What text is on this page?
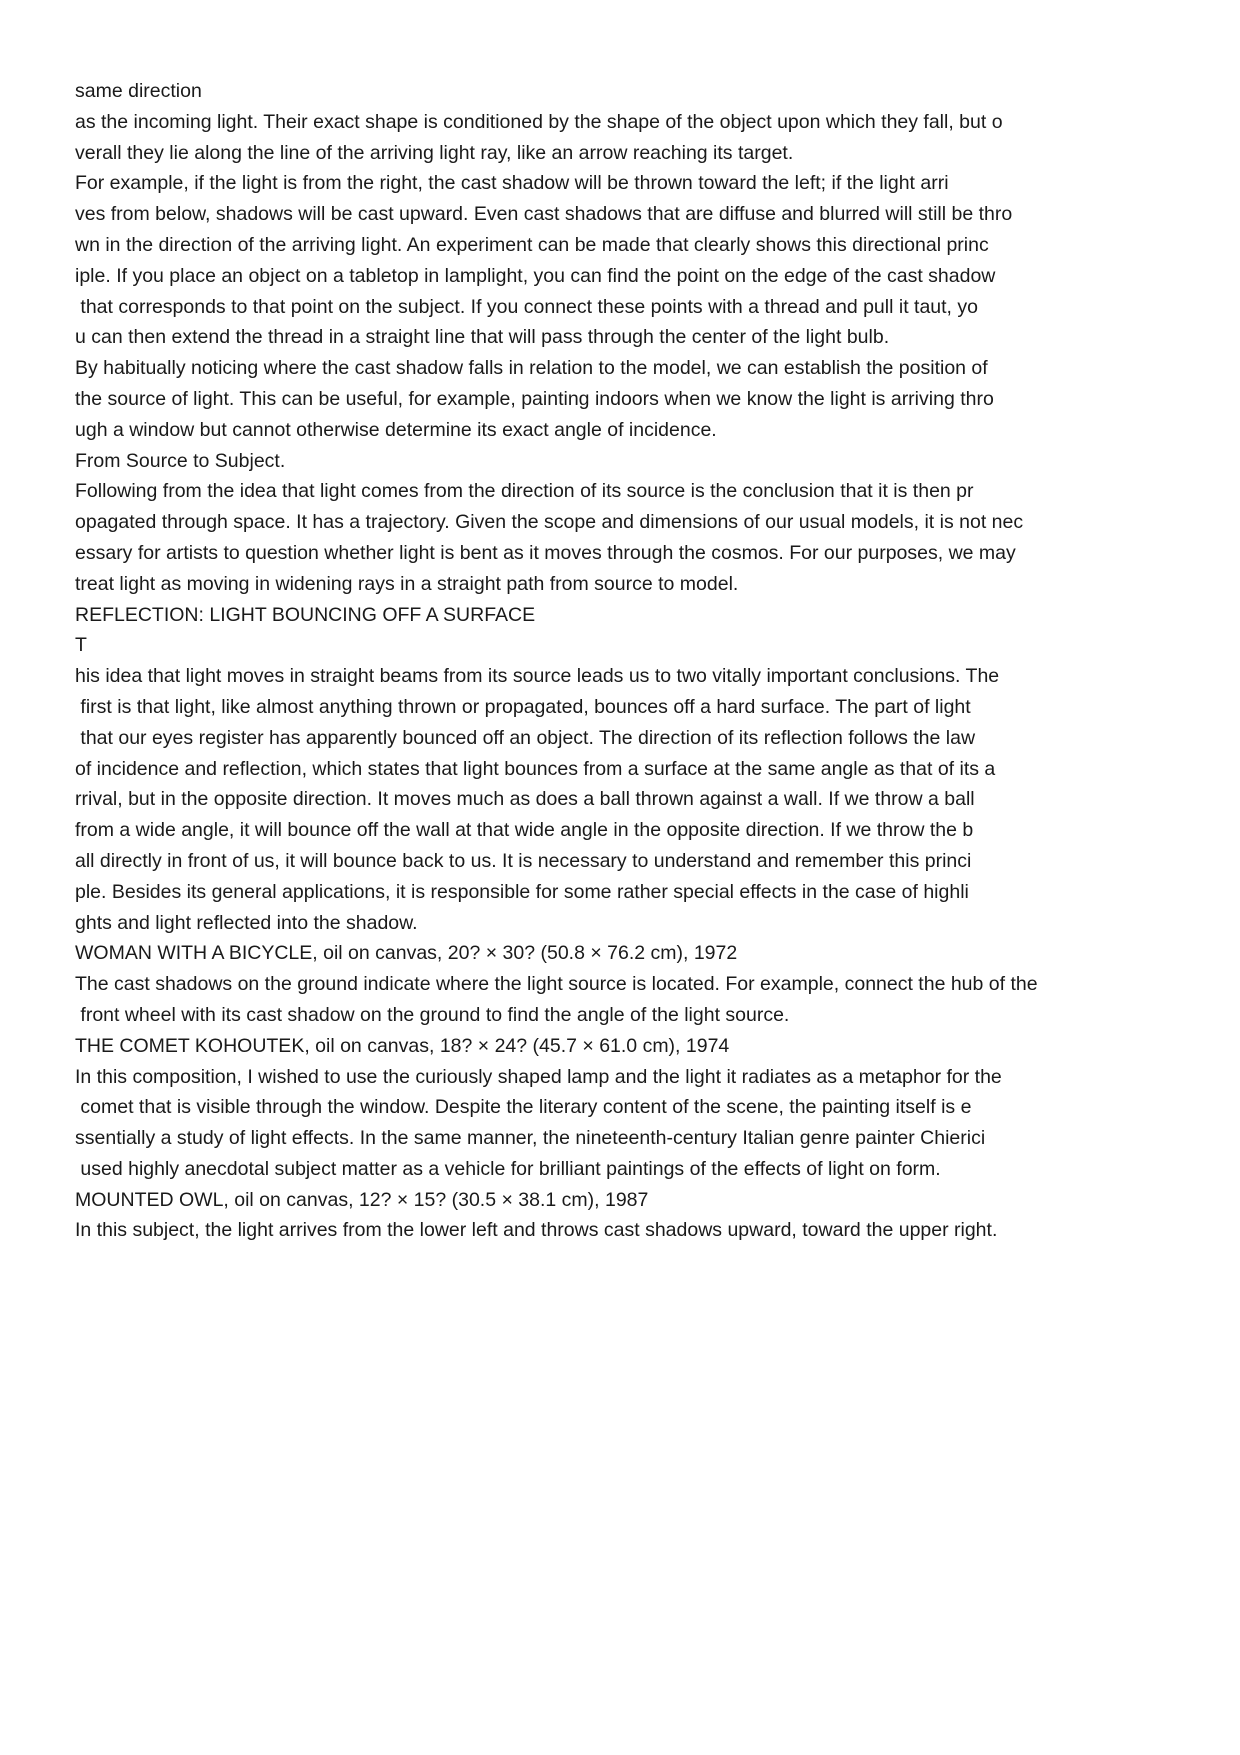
same direction
as the incoming light. Their exact shape is conditioned by the shape of the object upon which they fall, but o
verall they lie along the line of the arriving light ray, like an arrow reaching its target.
For example, if the light is from the right, the cast shadow will be thrown toward the left; if the light arri
ves from below, shadows will be cast upward. Even cast shadows that are diffuse and blurred will still be thro
wn in the direction of the arriving light. An experiment can be made that clearly shows this directional princ
iple. If you place an object on a tabletop in lamplight, you can find the point on the edge of the cast shadow
that corresponds to that point on the subject. If you connect these points with a thread and pull it taut, yo
u can then extend the thread in a straight line that will pass through the center of the light bulb.
By habitually noticing where the cast shadow falls in relation to the model, we can establish the position of
the source of light. This can be useful, for example, painting indoors when we know the light is arriving thro
ugh a window but cannot otherwise determine its exact angle of incidence.
From Source to Subject.
Following from the idea that light comes from the direction of its source is the conclusion that it is then pr
opagated through space. It has a trajectory. Given the scope and dimensions of our usual models, it is not nec
essary for artists to question whether light is bent as it moves through the cosmos. For our purposes, we may
treat light as moving in widening rays in a straight path from source to model.
REFLECTION: LIGHT BOUNCING OFF A SURFACE
T
his idea that light moves in straight beams from its source leads us to two vitally important conclusions. The
first is that light, like almost anything thrown or propagated, bounces off a hard surface. The part of light
that our eyes register has apparently bounced off an object. The direction of its reflection follows the law
of incidence and reflection, which states that light bounces from a surface at the same angle as that of its a
rrival, but in the opposite direction. It moves much as does a ball thrown against a wall. If we throw a ball
from a wide angle, it will bounce off the wall at that wide angle in the opposite direction. If we throw the b
all directly in front of us, it will bounce back to us. It is necessary to understand and remember this princi
ple. Besides its general applications, it is responsible for some rather special effects in the case of highli
ghts and light reflected into the shadow.
WOMAN WITH A BICYCLE, oil on canvas, 20? × 30? (50.8 × 76.2 cm), 1972
The cast shadows on the ground indicate where the light source is located. For example, connect the hub of the
front wheel with its cast shadow on the ground to find the angle of the light source.
THE COMET KOHOUTEK, oil on canvas, 18? × 24? (45.7 × 61.0 cm), 1974
In this composition, I wished to use the curiously shaped lamp and the light it radiates as a metaphor for the
comet that is visible through the window. Despite the literary content of the scene, the painting itself is e
ssentially a study of light effects. In the same manner, the nineteenth-century Italian genre painter Chierici
used highly anecdotal subject matter as a vehicle for brilliant paintings of the effects of light on form.
MOUNTED OWL, oil on canvas, 12? × 15? (30.5 × 38.1 cm), 1987
In this subject, the light arrives from the lower left and throws cast shadows upward, toward the upper right.
